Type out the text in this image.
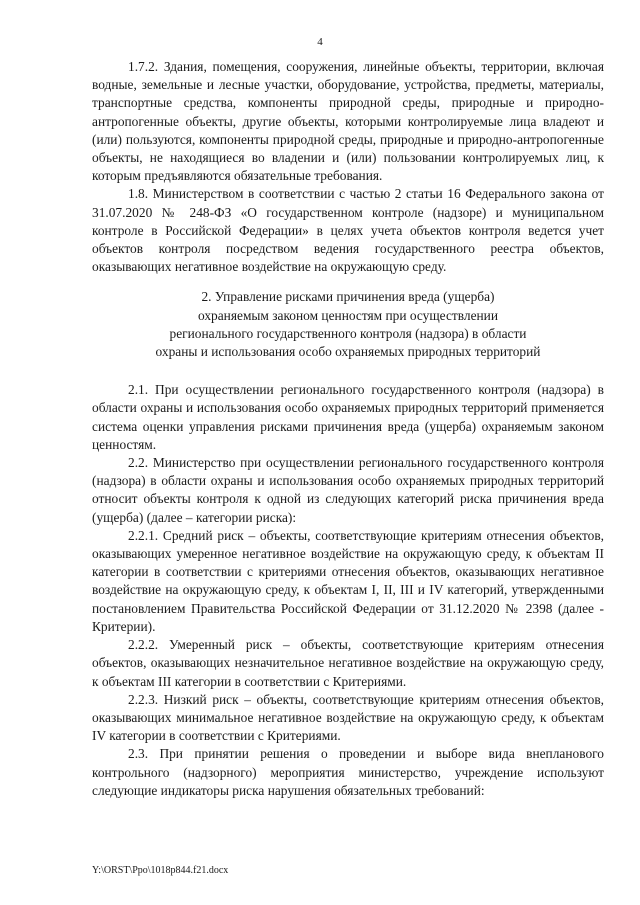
4

1.7.2. Здания, помещения, сооружения, линейные объекты, территории, включая водные, земельные и лесные участки, оборудование, устройства, предметы, материалы, транспортные средства, компоненты природной среды, природные и природно-антропогенные объекты, другие объекты, которыми контролируемые лица владеют и (или) пользуются, компоненты природной среды, природные и природно-антропогенные объекты, не находящиеся во владении и (или) пользовании контролируемых лиц, к которым предъявляются обязательные требования.

1.8. Министерством в соответствии с частью 2 статьи 16 Федерального закона от 31.07.2020 № 248-ФЗ «О государственном контроле (надзоре) и муниципальном контроле в Российской Федерации» в целях учета объектов контроля ведется учет объектов контроля посредством ведения государственного реестра объектов, оказывающих негативное воздействие на окружающую среду.

2. Управление рисками причинения вреда (ущерба)
охраняемым законом ценностям при осуществлении
регионального государственного контроля (надзора) в области
охраны и использования особо охраняемых природных территорий

2.1. При осуществлении регионального государственного контроля (надзора) в области охраны и использования особо охраняемых природных территорий применяется система оценки управления рисками причинения вреда (ущерба) охраняемым законом ценностям.

2.2. Министерство при осуществлении регионального государственного контроля (надзора) в области охраны и использования особо охраняемых природных территорий относит объекты контроля к одной из следующих категорий риска причинения вреда (ущерба) (далее – категории риска):

2.2.1. Средний риск – объекты, соответствующие критериям отнесения объектов, оказывающих умеренное негативное воздействие на окружающую среду, к объектам II категории в соответствии с критериями отнесения объектов, оказывающих негативное воздействие на окружающую среду, к объектам I, II, III и IV категорий, утвержденными постановлением Правительства Российской Федерации от 31.12.2020 № 2398 (далее - Критерии).

2.2.2. Умеренный риск – объекты, соответствующие критериям отнесения объектов, оказывающих незначительное негативное воздействие на окружающую среду, к объектам III категории в соответствии с Критериями.

2.2.3. Низкий риск – объекты, соответствующие критериям отнесения объектов, оказывающих минимальное негативное воздействие на окружающую среду, к объектам IV категории в соответствии с Критериями.

2.3. При принятии решения о проведении и выборе вида внепланового контрольного (надзорного) мероприятия министерство, учреждение используют следующие индикаторы риска нарушения обязательных требований:

Y:\ORST\Ppo\1018p844.f21.docx
